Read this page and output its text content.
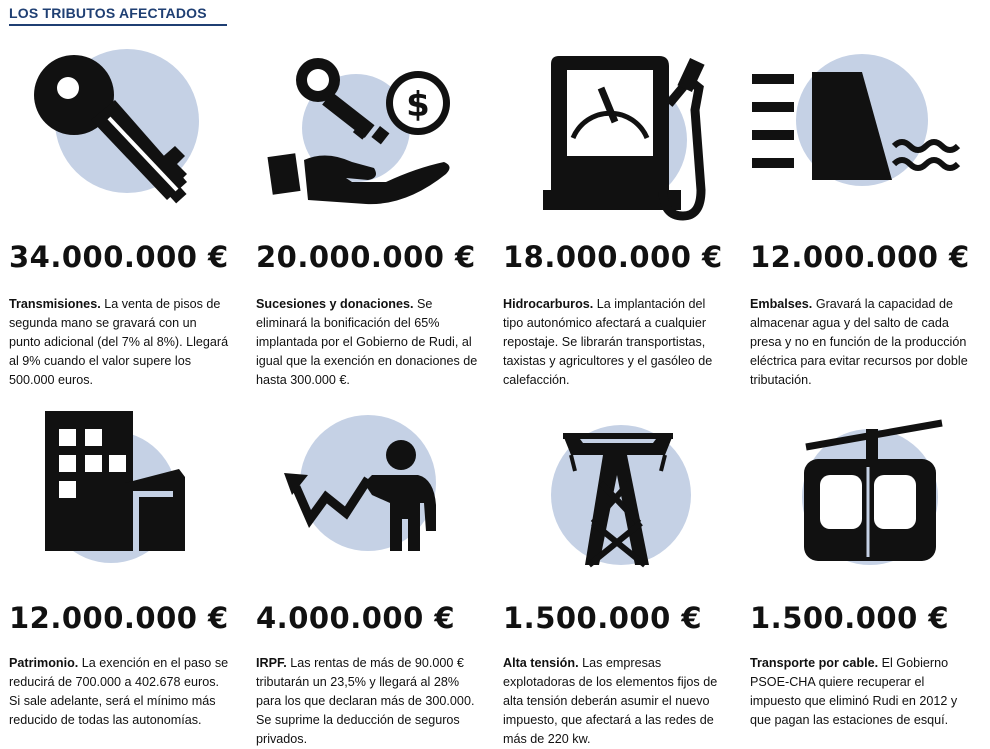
LOS TRIBUTOS AFECTADOS
34.000.000 €
Transmisiones. La venta de pisos de segunda mano se gravará con un punto adicional (del 7% al 8%). Llegará al 9% cuando el valor supere los 500.000 euros.
$
20.000.000 €
Sucesiones y donaciones. Se eliminará la bonificación del 65% implantada por el Gobierno de Rudi, al igual que la exención en donaciones de hasta 300.000 €.
18.000.000 €
Hidrocarburos. La implantación del tipo autonómico afectará a cualquier repostaje. Se librarán transportistas, taxistas y agricultores y el gasóleo de calefacción.
12.000.000 €
Embalses. Gravará la capacidad de almacenar agua y del salto de cada presa y no en función de la producción eléctrica para evitar recursos por doble tributación.
12.000.000 €
Patrimonio. La exención en el paso se reducirá de 700.000 a 402.678 euros. Si sale adelante, será el mínimo más reducido de todas las autonomías.
4.000.000 €
IRPF. Las rentas de más de 90.000 € tributarán un 23,5% y llegará al 28% para los que declaran más de 300.000. Se suprime la deducción de seguros privados.
1.500.000 €
Alta tensión. Las empresas explotadoras de los elementos fijos de alta tensión deberán asumir el nuevo impuesto, que afectará a las redes de más de 220 kw.
1.500.000 €
Transporte por cable. El Gobierno PSOE-CHA quiere recuperar el impuesto que eliminó Rudi en 2012 y que pagan las estaciones de esquí.
